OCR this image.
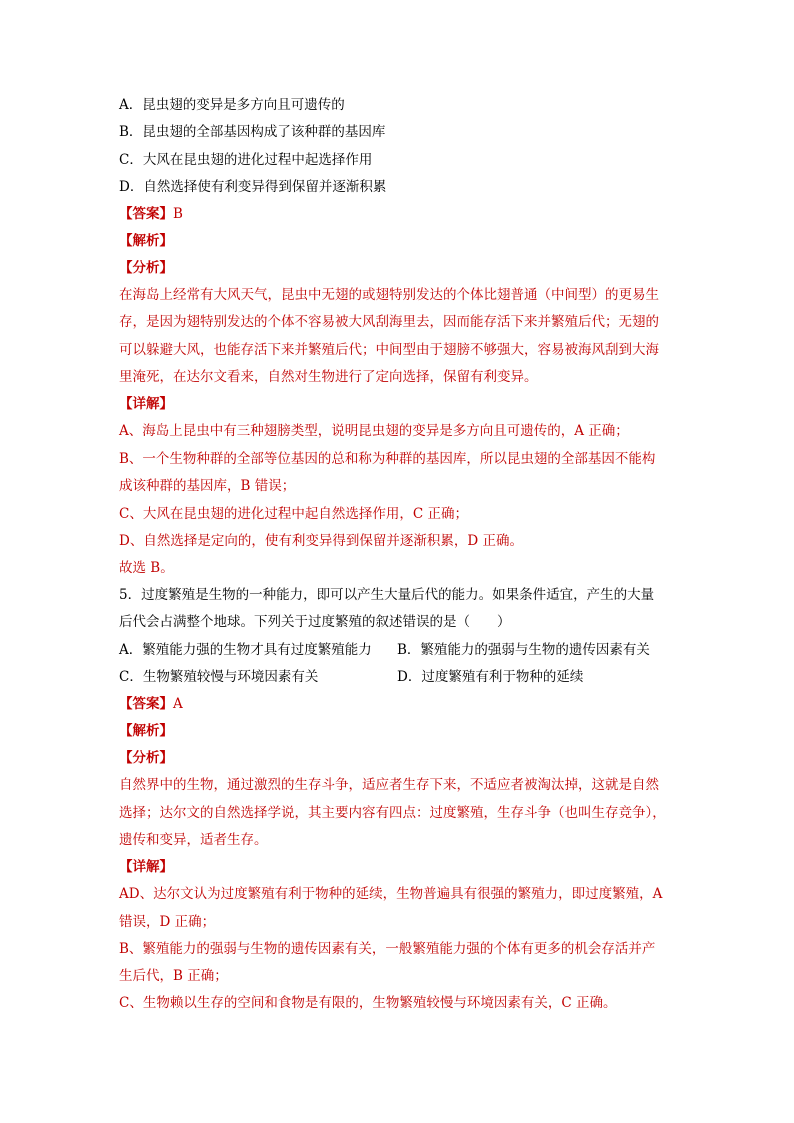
A．昆虫翅的变异是多方向且可遗传的
B．昆虫翅的全部基因构成了该种群的基因库
C．大风在昆虫翅的进化过程中起选择作用
D．自然选择使有利变异得到保留并逐渐积累
【答案】B
【解析】
【分析】
在海岛上经常有大风天气，昆虫中无翅的或翅特别发达的个体比翅普通（中间型）的更易生
存，是因为翅特别发达的个体不容易被大风刮海里去，因而能存活下来并繁殖后代；无翅的
可以躲避大风，也能存活下来并繁殖后代；中间型由于翅膀不够强大，容易被海风刮到大海
里淹死，在达尔文看来，自然对生物进行了定向选择，保留有利变异。
【详解】
A、海岛上昆虫中有三种翅膀类型，说明昆虫翅的变异是多方向且可遗传的，A 正确；
B、一个生物种群的全部等位基因的总和称为种群的基因库，所以昆虫翅的全部基因不能构
成该种群的基因库，B 错误；
C、大风在昆虫翅的进化过程中起自然选择作用，C 正确；
D、自然选择是定向的，使有利变异得到保留并逐渐积累，D 正确。
故选 B。
5．过度繁殖是生物的一种能力，即可以产生大量后代的能力。如果条件适宜，产生的大量
后代会占满整个地球。下列关于过度繁殖的叙述错误的是（　　）
A．繁殖能力强的生物才具有过度繁殖能力 B．繁殖能力的强弱与生物的遗传因素有关
C．生物繁殖较慢与环境因素有关	D．过度繁殖有利于物种的延续
【答案】A
【解析】
【分析】
自然界中的生物，通过激烈的生存斗争，适应者生存下来，不适应者被淘汰掉，这就是自然
选择；达尔文的自然选择学说，其主要内容有四点：过度繁殖，生存斗争（也叫生存竞争），
遗传和变异，适者生存。
【详解】
AD、达尔文认为过度繁殖有利于物种的延续，生物普遍具有很强的繁殖力，即过度繁殖，A
错误，D 正确；
B、繁殖能力的强弱与生物的遗传因素有关，一般繁殖能力强的个体有更多的机会存活并产
生后代，B 正确；
C、生物赖以生存的空间和食物是有限的，生物繁殖较慢与环境因素有关，C 正确。
